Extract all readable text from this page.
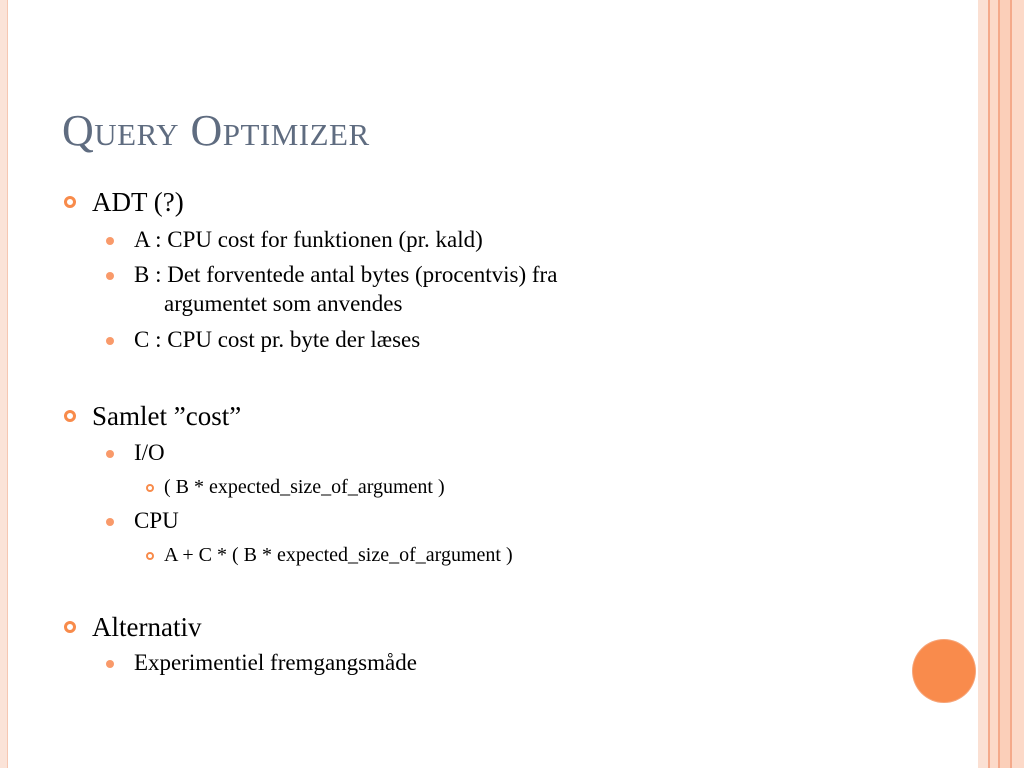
Query Optimizer
ADT (?)
A : CPU cost for funktionen (pr. kald)
B : Det forventede antal bytes (procentvis) fra
argumentet som anvendes
C : CPU cost pr. byte der læses
Samlet ”cost”
I/O
( B * expected_size_of_argument )
CPU
A + C * ( B * expected_size_of_argument )
Alternativ
Experimentiel fremgangsmåde
